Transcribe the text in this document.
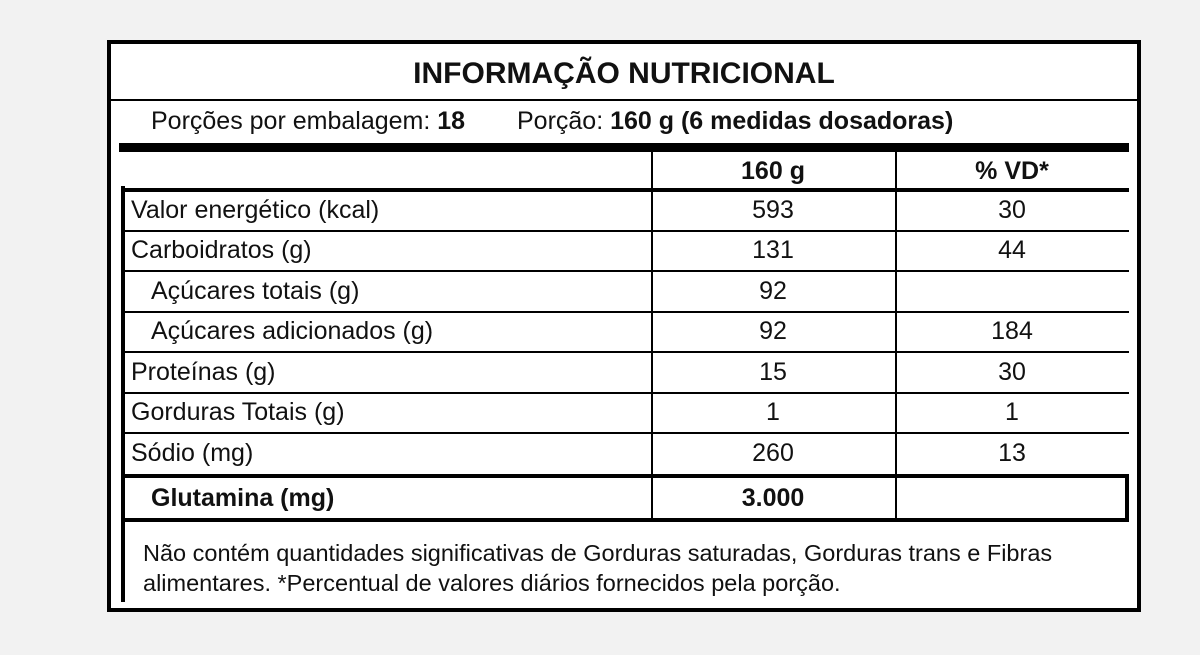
INFORMAÇÃO NUTRICIONAL
Porções por embalagem: 18 Porção: 160 g (6 medidas dosadoras)
160 g	% VD*
Valor energético (kcal)	593	30
Carboidratos (g)	131	44
Açúcares totais (g)	92
Açúcares adicionados (g)	92	184
Proteínas (g)	15	30
Gorduras Totais (g)	1	1
Sódio (mg)	260	13
Glutamina (mg)	3.000
Não contém quantidades significativas de Gorduras saturadas, Gorduras trans e Fibras alimentares. *Percentual de valores diários fornecidos pela porção.
